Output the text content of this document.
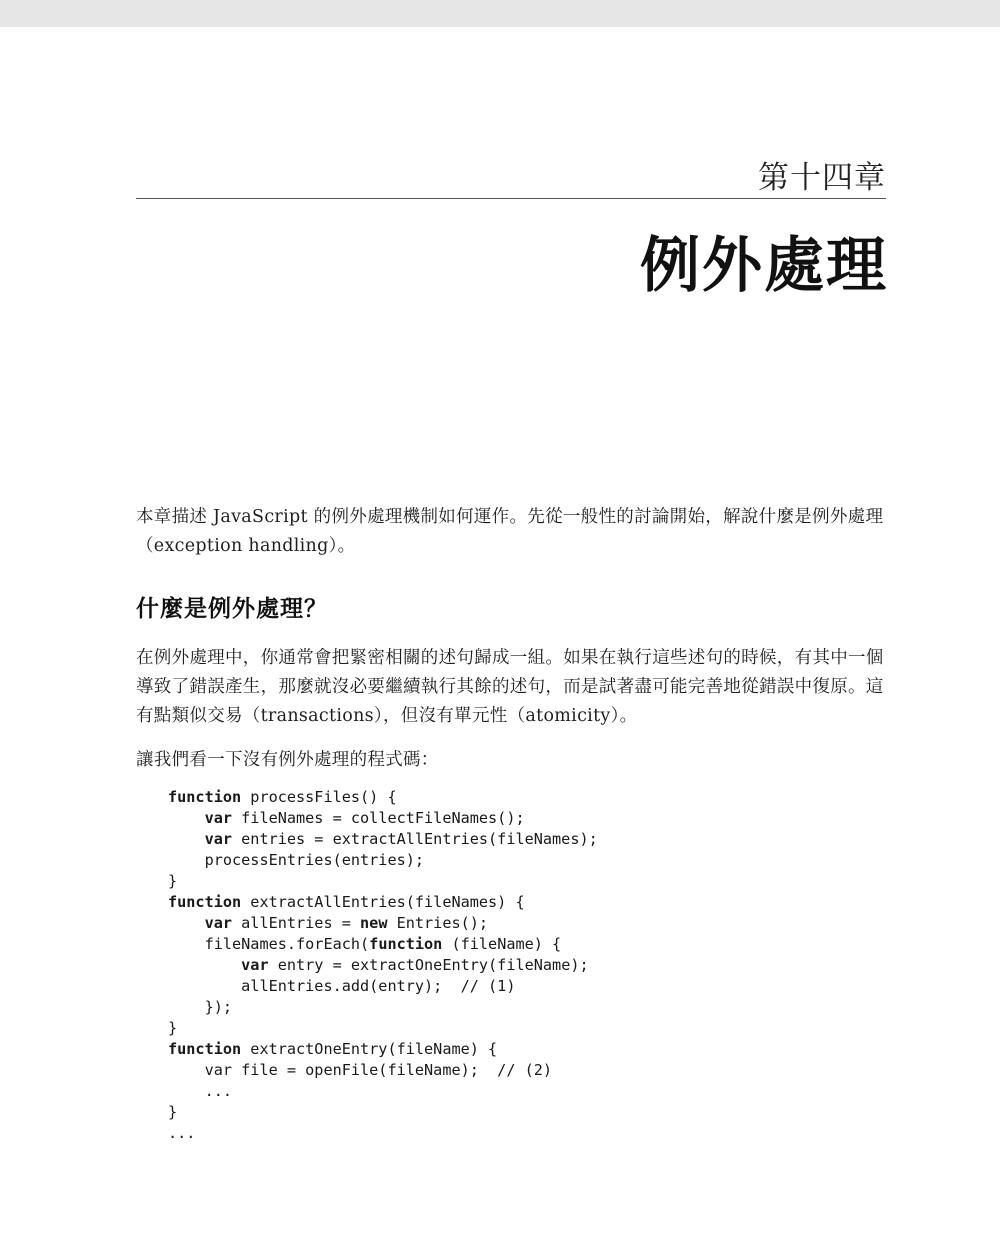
第十四章
例外處理

本章描述 JavaScript 的例外處理機制如何運作。先從一般性的討論開始，解說什麼是例外處理（exception handling）。

什麼是例外處理？

在例外處理中，你通常會把緊密相關的述句歸成一組。如果在執行這些述句的時候，有其中一個導致了錯誤產生，那麼就沒必要繼續執行其餘的述句，而是試著盡可能完善地從錯誤中復原。這有點類似交易（transactions），但沒有單元性（atomicity）。

讓我們看一下沒有例外處理的程式碼：

function processFiles() {
var fileNames = collectFileNames();
var entries = extractAllEntries(fileNames);
processEntries(entries);
}
function extractAllEntries(fileNames) {
var allEntries = new Entries();
fileNames.forEach(function (fileName) {
var entry = extractOneEntry(fileName);
allEntries.add(entry);  // (1)
});
}
function extractOneEntry(fileName) {
var file = openFile(fileName);  // (2)
...
}
...
